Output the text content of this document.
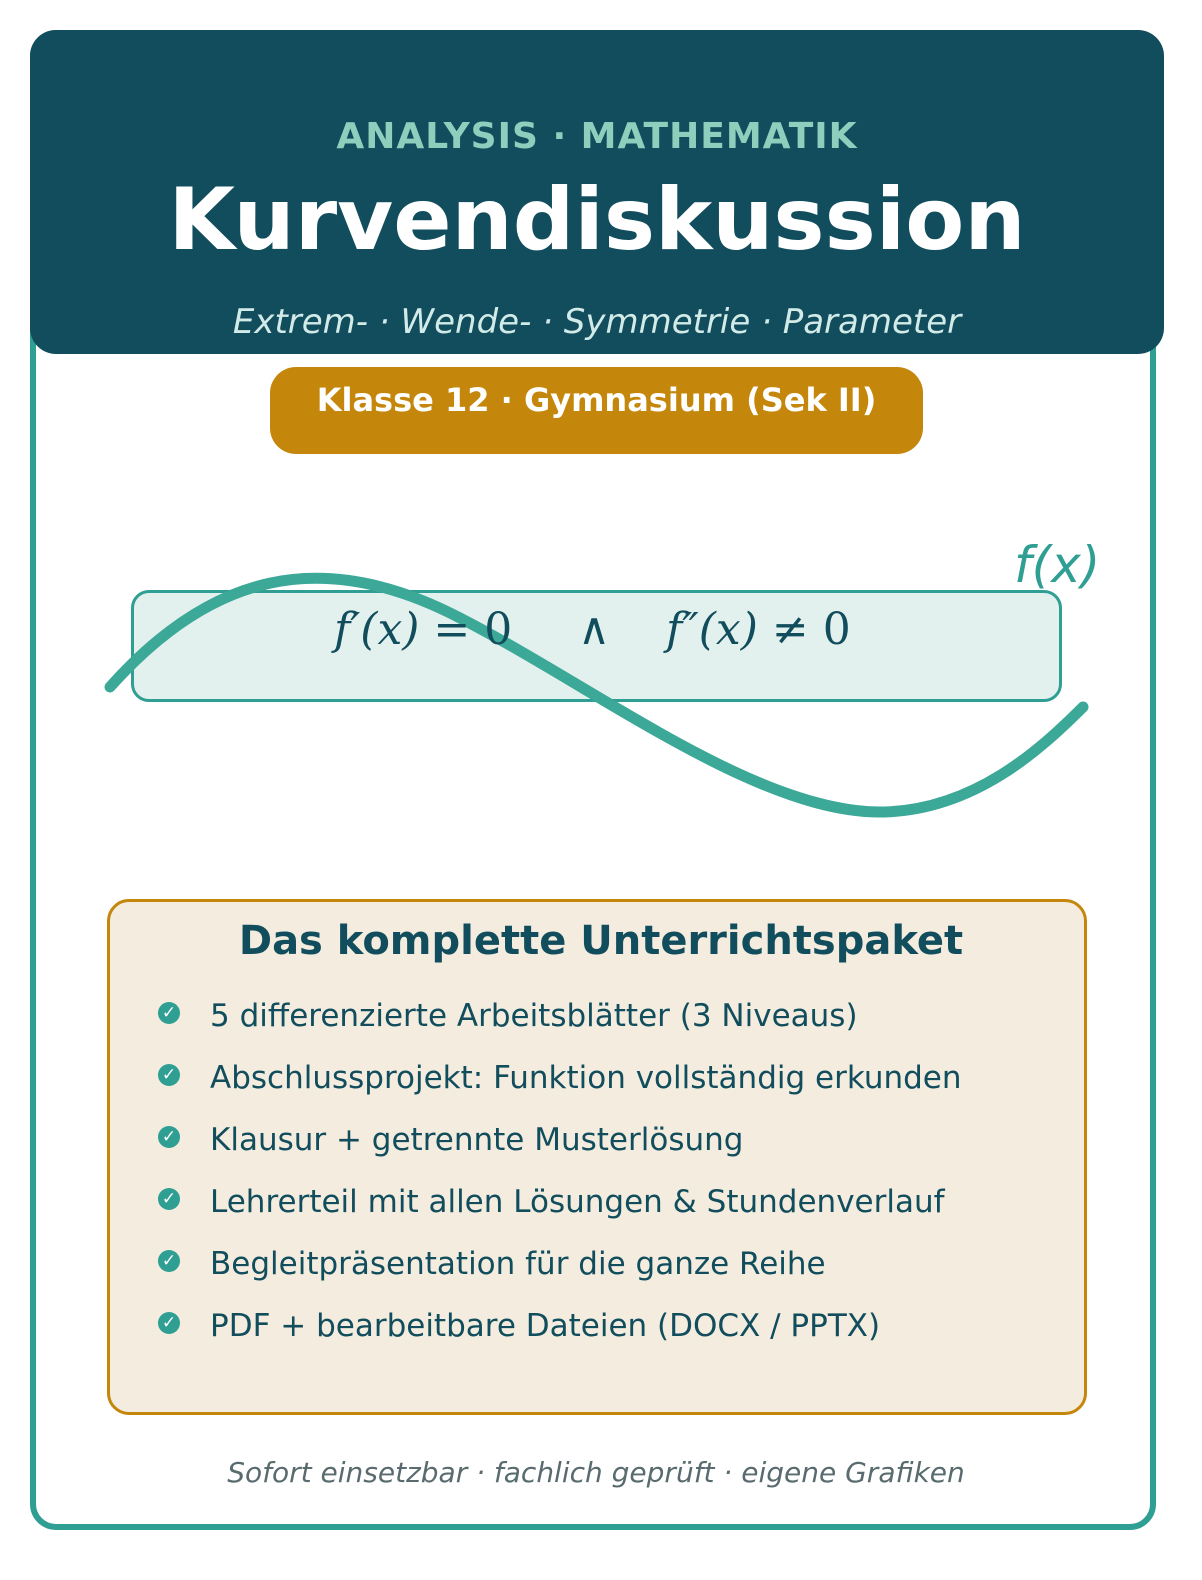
ANALYSIS · MATHEMATIK
Kurvendiskussion
Extrem- · Wende- · Symmetrie · Parameter
Klasse 12 · Gymnasium (Sek II)
f′(x) = 0 ∧ f″(x) ≠ 0
f(x)
Das komplette Unterrichtspaket
✓ 5 differenzierte Arbeitsblätter (3 Niveaus)
✓ Abschlussprojekt: Funktion vollständig erkunden
✓ Klausur + getrennte Musterlösung
✓ Lehrerteil mit allen Lösungen & Stundenverlauf
✓ Begleitpräsentation für die ganze Reihe
✓ PDF + bearbeitbare Dateien (DOCX / PPTX)
Sofort einsetzbar · fachlich geprüft · eigene Grafiken
